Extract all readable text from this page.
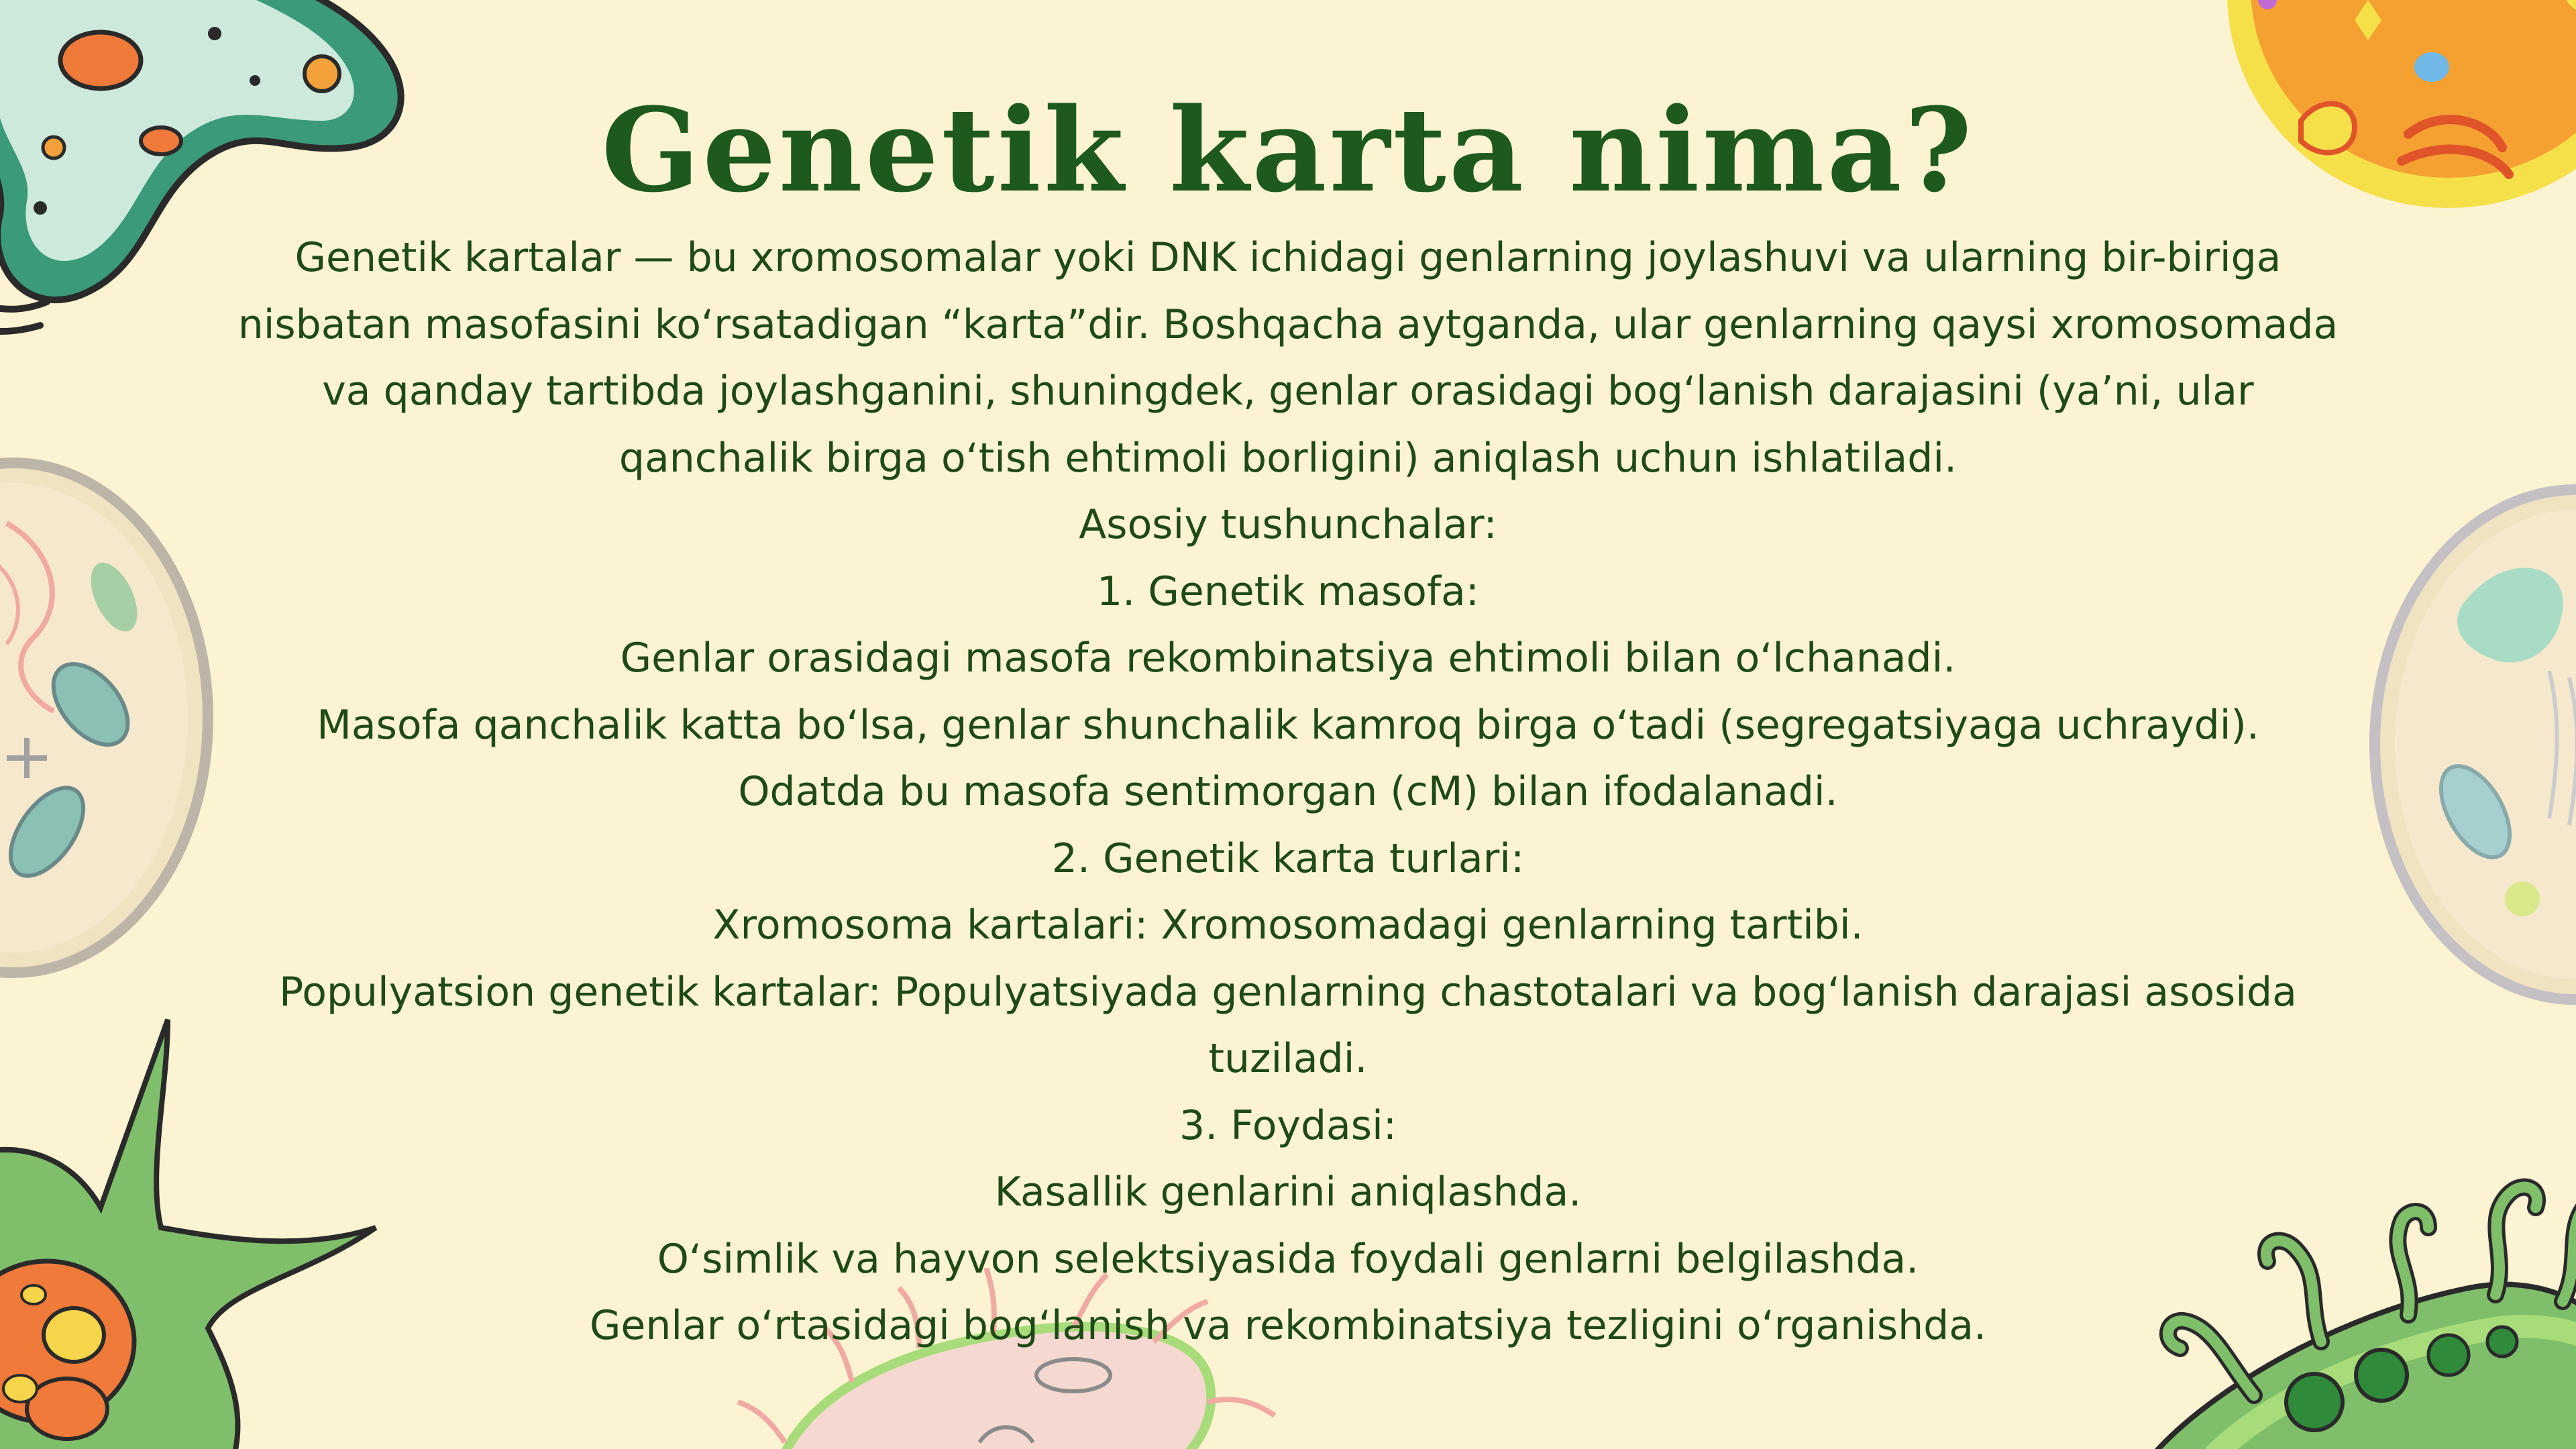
Genetik karta nima?

Genetik kartalar — bu xromosomalar yoki DNK ichidagi genlarning joylashuvi va ularning bir-biriga nisbatan masofasini koʻrsatadigan “karta”dir. Boshqacha aytganda, ular genlarning qaysi xromosomada va qanday tartibda joylashganini, shuningdek, genlar orasidagi bogʻlanish darajasini (yaʼni, ular qanchalik birga oʻtish ehtimoli borligini) aniqlash uchun ishlatiladi.

Asosiy tushunchalar:

1. Genetik masofa:

Genlar orasidagi masofa rekombinatsiya ehtimoli bilan oʻlchanadi.

Masofa qanchalik katta boʻlsa, genlar shunchalik kamroq birga oʻtadi (segregatsiyaga uchraydi).

Odatda bu masofa sentimorgan (cM) bilan ifodalanadi.

2. Genetik karta turlari:

Xromosoma kartalari: Xromosomadagi genlarning tartibi.

Populyatsion genetik kartalar: Populyatsiyada genlarning chastotalari va bogʻlanish darajasi asosida tuziladi.

3. Foydasi:

Kasallik genlarini aniqlashda.

Oʻsimlik va hayvon selektsiyasida foydali genlarni belgilashda.

Genlar oʻrtasidagi bogʻlanish va rekombinatsiya tezligini oʻrganishda.
